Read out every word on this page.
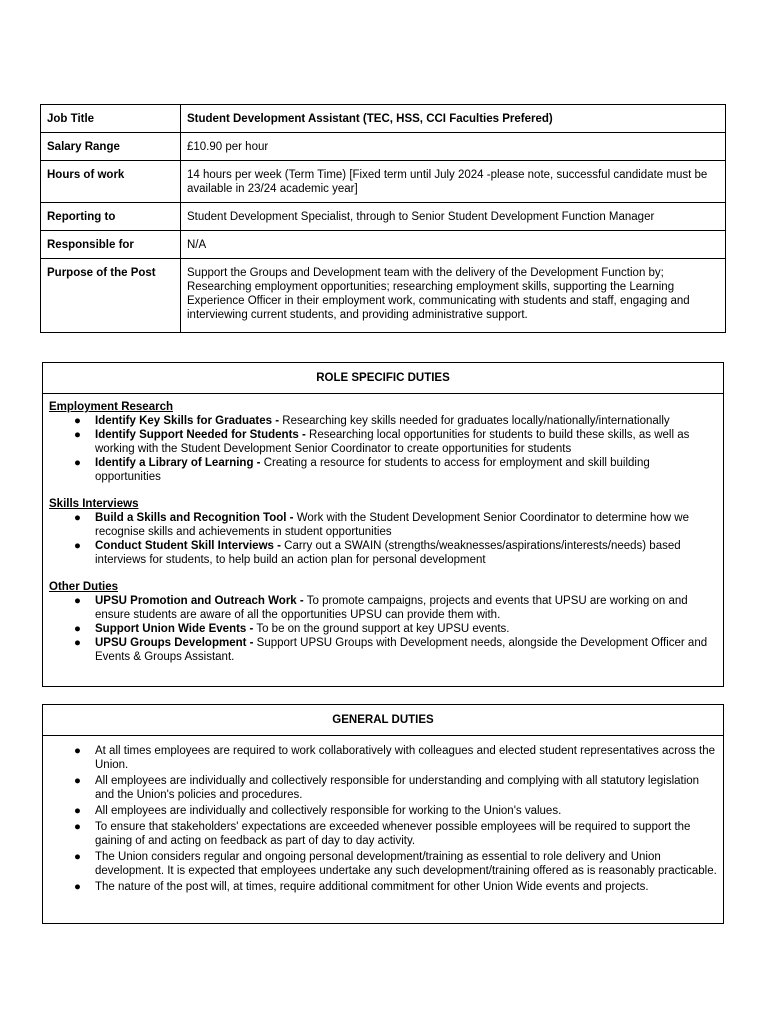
Job Title	Student Development Assistant (TEC, HSS, CCI Faculties Prefered)
Salary Range	£10.90 per hour
Hours of work	14 hours per week (Term Time) [Fixed term until July 2024 -please note, successful candidate must be available in 23/24 academic year]
Reporting to	Student Development Specialist, through to Senior Student Development Function Manager
Responsible for	N/A
Purpose of the Post	Support the Groups and Development team with the delivery of the Development Function by; Researching employment opportunities; researching employment skills, supporting the Learning Experience Officer in their employment work, communicating with students and staff, engaging and interviewing current students, and providing administrative support.
ROLE SPECIFIC DUTIES

Employment Research

● Identify Key Skills for Graduates - Researching key skills needed for graduates locally/nationally/internationally
● Identify Support Needed for Students - Researching local opportunities for students to build these skills, as well as working with the Student Development Senior Coordinator to create opportunities for students
● Identify a Library of Learning - Creating a resource for students to access for employment and skill building opportunities

Skills Interviews

● Build a Skills and Recognition Tool - Work with the Student Development Senior Coordinator to determine how we recognise skills and achievements in student opportunities
● Conduct Student Skill Interviews - Carry out a SWAIN (strengths/weaknesses/aspirations/interests/needs) based interviews for students, to help build an action plan for personal development

Other Duties

● UPSU Promotion and Outreach Work - To promote campaigns, projects and events that UPSU are working on and ensure students are aware of all the opportunities UPSU can provide them with.
● Support Union Wide Events - To be on the ground support at key UPSU events.
● UPSU Groups Development - Support UPSU Groups with Development needs, alongside the Development Officer and Events & Groups Assistant.
GENERAL DUTIES
● At all times employees are required to work collaboratively with colleagues and elected student representatives across the Union.
● All employees are individually and collectively responsible for understanding and complying with all statutory legislation and the Union's policies and procedures.
● All employees are individually and collectively responsible for working to the Union's values.
● To ensure that stakeholders' expectations are exceeded whenever possible employees will be required to support the gaining of and acting on feedback as part of day to day activity.
● The Union considers regular and ongoing personal development/training as essential to role delivery and Union development. It is expected that employees undertake any such development/training offered as is reasonably practicable.
● The nature of the post will, at times, require additional commitment for other Union Wide events and projects.
